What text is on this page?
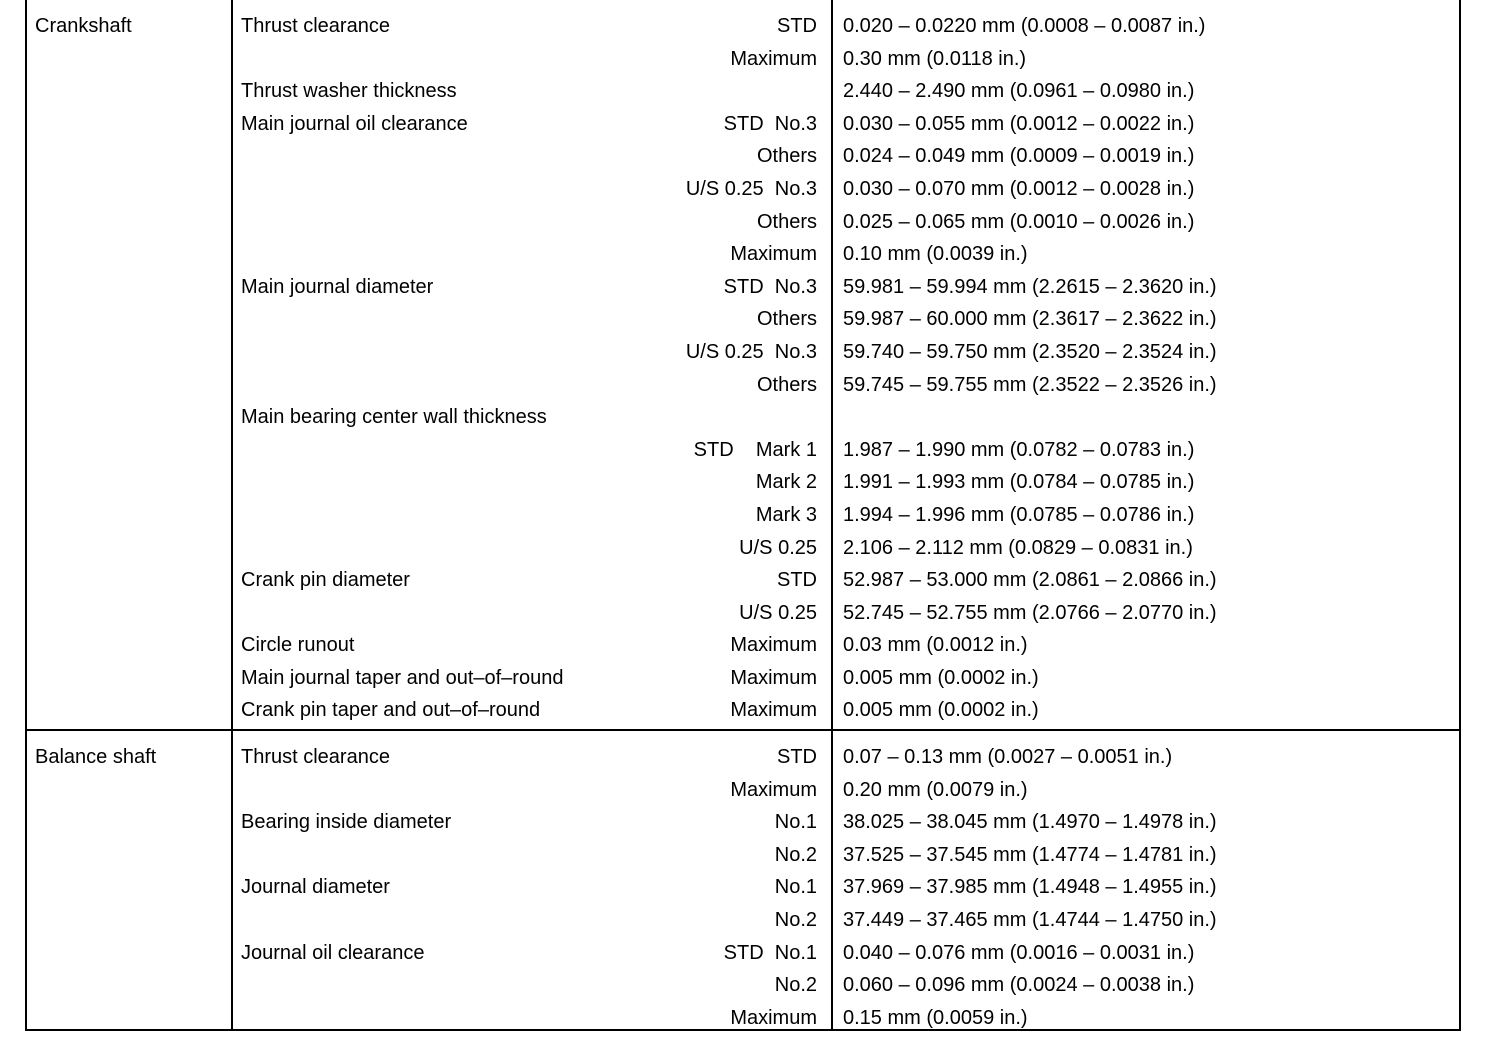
Crankshaft	Thrust clearance	STD 0.020 – 0.0220 mm (0.0008 – 0.0087 in.)
Maximum 0.30 mm (0.0118 in.)
Thrust washer thickness	2.440 – 2.490 mm (0.0961 – 0.0980 in.)
Main journal oil clearance	STD  No.3 0.030 – 0.055 mm (0.0012 – 0.0022 in.)
Others 0.024 – 0.049 mm (0.0009 – 0.0019 in.)
U/S 0.25  No.3 0.030 – 0.070 mm (0.0012 – 0.0028 in.)
Others 0.025 – 0.065 mm (0.0010 – 0.0026 in.)
Maximum 0.10 mm (0.0039 in.)
Main journal diameter	STD  No.3 59.981 – 59.994 mm (2.2615 – 2.3620 in.)
Others 59.987 – 60.000 mm (2.3617 – 2.3622 in.)
U/S 0.25  No.3 59.740 – 59.750 mm (2.3520 – 2.3524 in.)
Others 59.745 – 59.755 mm (2.3522 – 2.3526 in.)
Main bearing center wall thickness
STD    Mark 1 1.987 – 1.990 mm (0.0782 – 0.0783 in.)
Mark 2 1.991 – 1.993 mm (0.0784 – 0.0785 in.)
Mark 3 1.994 – 1.996 mm (0.0785 – 0.0786 in.)
U/S 0.25 2.106 – 2.112 mm (0.0829 – 0.0831 in.)
Crank pin diameter	STD 52.987 – 53.000 mm (2.0861 – 2.0866 in.)
U/S 0.25 52.745 – 52.755 mm (2.0766 – 2.0770 in.)
Circle runout	Maximum 0.03 mm (0.0012 in.)
Main journal taper and out–of–round	Maximum 0.005 mm (0.0002 in.)
Crank pin taper and out–of–round	Maximum 0.005 mm (0.0002 in.)
Balance shaft	Thrust clearance	STD 0.07 – 0.13 mm (0.0027 – 0.0051 in.)
Maximum 0.20 mm (0.0079 in.)
Bearing inside diameter	No.1 38.025 – 38.045 mm (1.4970 – 1.4978 in.)
No.2 37.525 – 37.545 mm (1.4774 – 1.4781 in.)
Journal diameter	No.1 37.969 – 37.985 mm (1.4948 – 1.4955 in.)
No.2 37.449 – 37.465 mm (1.4744 – 1.4750 in.)
Journal oil clearance	STD  No.1 0.040 – 0.076 mm (0.0016 – 0.0031 in.)
No.2 0.060 – 0.096 mm (0.0024 – 0.0038 in.)
Maximum 0.15 mm (0.0059 in.)
